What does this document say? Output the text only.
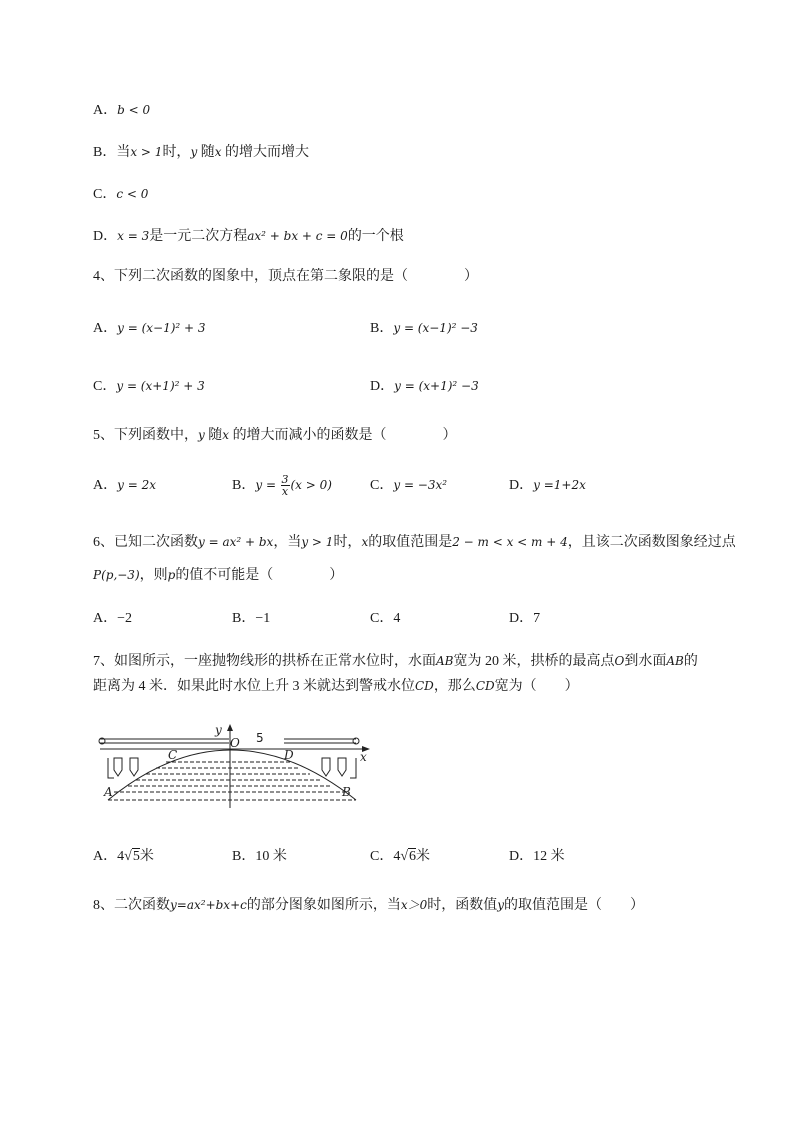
A．b < 0
B．当x > 1时，y 随x 的增大而增大
C．c < 0
D．x = 3是一元二次方程ax² + bx + c = 0的一个根
4、下列二次函数的图象中，顶点在第二象限的是（　　　　）
A．y = (x−1)² + 3	B．y = (x−1)² −3
C．y = (x+1)² + 3	D．y = (x+1)² −3
5、下列函数中，y 随x 的增大而减小的函数是（　　　　）
A．y = 2x	B．$y = \frac{3}{x} (x > 0)$	C．y = −3x²	D．y =1+2x
6、已知二次函数y = ax² + bx，当y > 1时，x的取值范围是2 − m < x < m + 4，且该二次函数图象经过点
P(p,−3)，则p的值不可能是（　　　　）
A．−2	B．−1	C．4	D．7
7、如图所示，一座抛物线形的拱桥在正常水位时，水面AB宽为 20 米，拱桥的最高点O到水面AB的
距离为 4 米．如果此时水位上升 3 米就达到警戒水位CD，那么CD宽为（　　）
y
x
O
C	D
A	B
5
A．4√5米	B．10 米	C．4√6米	D．12 米
8、二次函数y=ax²+bx+c的部分图象如图所示，当x＞0时，函数值y的取值范围是（　　）
